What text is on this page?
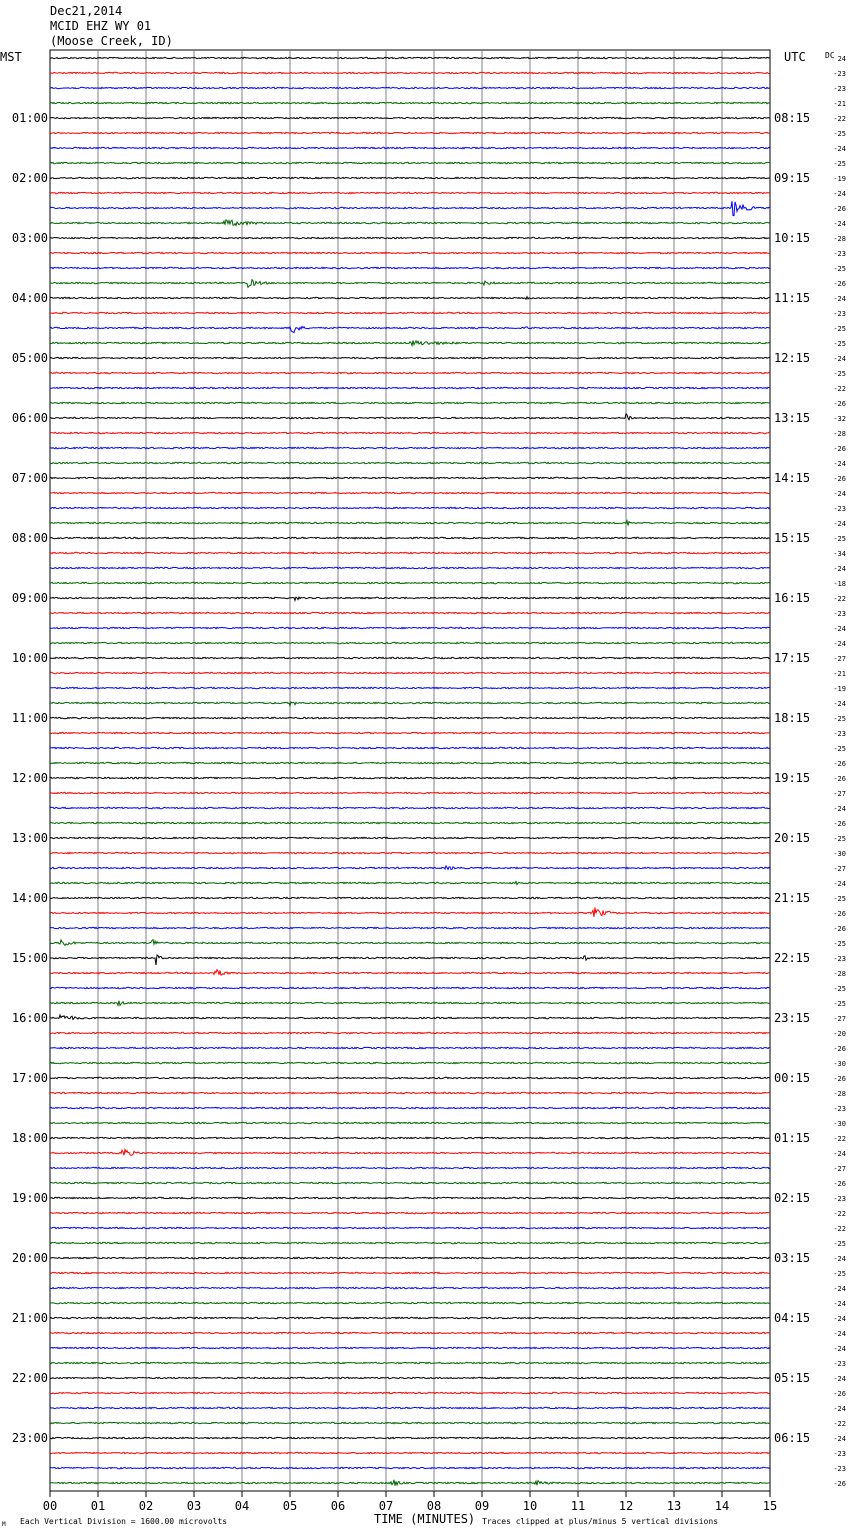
Dec21,2014
MCID EHZ WY 01
(Moose Creek, ID)
MST	UTC DC
01:00
02:00
03:00
04:00
05:00
06:00
07:00
08:00
09:00
10:00
11:00
12:00
13:00
14:00
15:00
16:00
17:00
18:00
19:00
20:00
21:00
22:00
23:00
08:15
09:15
10:15
11:15
12:15
13:15
14:15
15:15
16:15
17:15
18:15
19:15
20:15
21:15
22:15
23:15
00:15
01:15
02:15
03:15
04:15
05:15
06:15
24
-23
-23
-21
-22
-25
-24
-25
-19
-24
-26
-24
-28
-23
-25
-26
-24
-23
-25
-25
-24
-25
-22
-26
-32
-28
-26
-24
-26
-24
-23
-24
-25
-34
-24
-18
-22
-23
-24
-24
-27
-21
-19
-24
-25
-23
-25
-26
-26
-27
-24
-26
-25
-30
-27
-24
-25
-26
-26
-25
-23
-28
-25
-25
-27
-20
-26
-30
-26
-28
-23
-30
-22
-24
-27
-26
-23
-22
-22
-25
-24
-25
-24
-24
-24
-24
-24
-23
-24
-26
-24
-22
-24
-23
-23
-26
00	01	02	03	04	05	06	07	08	09	10	11	12	13	14	15
M Each Vertical Division = 1600.00 microvolts	TIME (MINUTES) Traces clipped at plus/minus 5 vertical divisions
